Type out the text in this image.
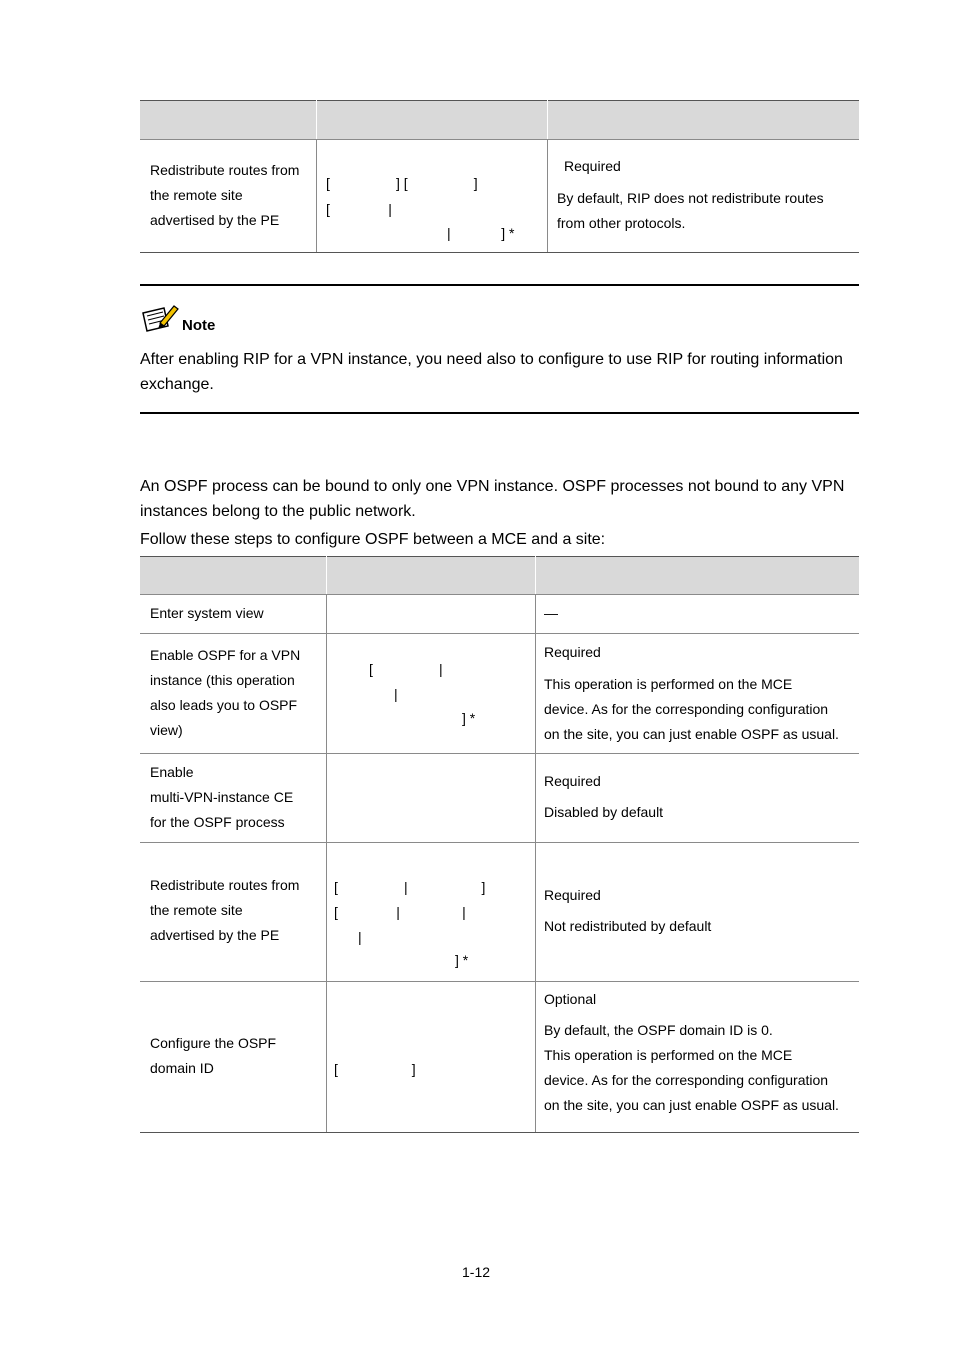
Redistribute routes from
the remote site
advertised by the PE
[                 ] [                 ]
[               |
|             ] *
Required
By default, RIP does not redistribute routes
from other protocols.
Note
After enabling RIP for a VPN instance, you need also to configure to use RIP for routing information
exchange.
An OSPF process can be bound to only one VPN instance. OSPF processes not bound to any VPN
instances belong to the public network.
Follow these steps to configure OSPF between a MCE and a site:
Enter system view	—
Enable OSPF for a VPN
instance (this operation
also leads you to OSPF
view)
[                 |
|
] *
Required
This operation is performed on the MCE
device. As for the corresponding configuration
on the site, you can just enable OSPF as usual.
Enable
multi-VPN-instance CE
for the OSPF process
Required
Disabled by default
Redistribute routes from
the remote site
advertised by the PE
[                 |                   ]
[               |                |
|
] *
Required
Not redistributed by default
Configure the OSPF
domain ID	[                   ]
Optional
By default, the OSPF domain ID is 0.
This operation is performed on the MCE
device. As for the corresponding configuration
on the site, you can just enable OSPF as usual.
1-12
